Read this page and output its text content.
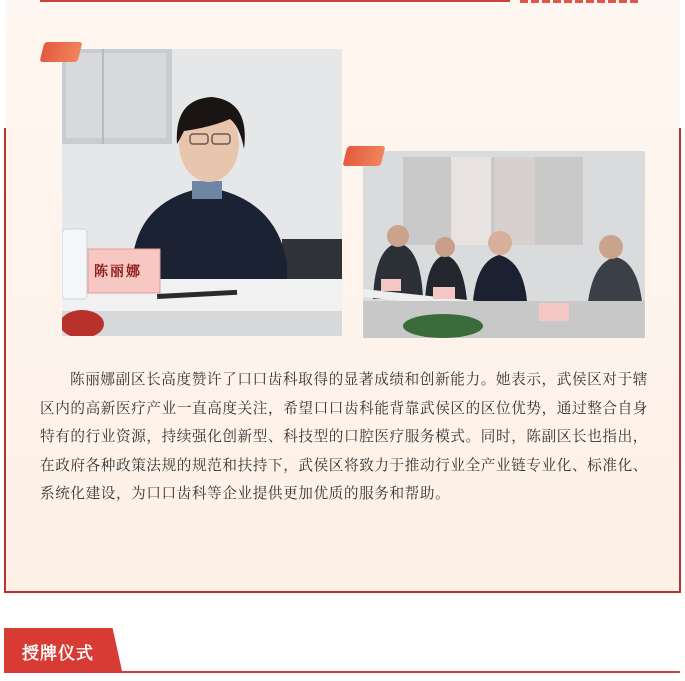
陈丽娜
陈丽娜副区长高度赞许了口口齿科取得的显著成绩和创新能力。她表示，武侯区对于辖区内的高新医疗产业一直高度关注，希望口口齿科能背靠武侯区的区位优势，通过整合自身特有的行业资源，持续强化创新型、科技型的口腔医疗服务模式。同时，陈副区长也指出，在政府各种政策法规的规范和扶持下，武侯区将致力于推动行业全产业链专业化、标准化、系统化建设，为口口齿科等企业提供更加优质的服务和帮助。
授牌仪式
